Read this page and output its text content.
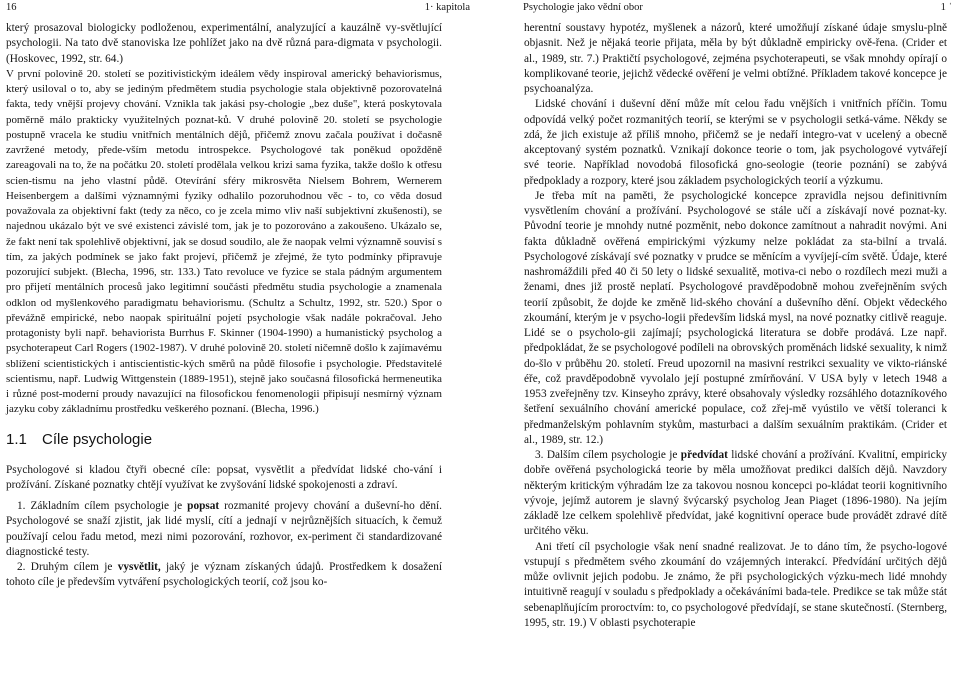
16	1· kapitola

který prosazoval biologicky podloženou, experimentální, analyzující a kauzálně vy-světlující psychologii. Na tato dvě stanoviska lze pohlížet jako na dvě různá para-digmata v psychologii. (Hoskovec, 1992, str. 64.)

V první polovině 20. století se pozitivistickým ideálem vědy inspiroval americký behaviorismus, který usiloval o to, aby se jediným předmětem studia psychologie stala objektivně pozorovatelná fakta, tedy vnější projevy chování. Vznikla tak jakási psy-chologie „bez duše", která poskytovala poměrně málo prakticky využitelných poznat-ků. V druhé polovině 20. století se psychologie postupně vracela ke studiu vnitřních mentálních dějů, přičemž znovu začala používat i dočasně zavržené metody, přede-vším metodu introspekce. Psychologové tak poněkud opožděně zareagovali na to, že na počátku 20. století prodělala velkou krizi sama fyzika, takže došlo k otřesu scien-tismu na jeho vlastní půdě. Otevírání sféry mikrosvěta Nielsem Bohrem, Wernerem Heisenbergem a dalšími významnými fyziky odhalilo pozoruhodnou věc - to, co věda dosud považovala za objektivní fakt (tedy za něco, co je zcela mimo vliv naší subjektivní zkušenosti), se najednou ukázalo být ve své existenci závislé tom, jak je to pozorováno a zakoušeno. Ukázalo se, že fakt není tak spolehlivě objektivní, jak se dosud soudilo, ale že naopak velmi významně souvisí s tím, za jakých podmínek se jako fakt projeví, přičemž je zřejmé, že tyto podmínky připravuje pozorující subjekt. (Blecha, 1996, str. 133.) Tato revoluce ve fyzice se stala pádným argumentem pro přijetí mentálních procesů jako legitimní součásti předmětu studia psychologie a znamenala odklon od myšlenkového paradigmatu behaviorismu. (Schultz a Schultz, 1992, str. 520.) Spor o převážně empirické, nebo naopak spirituální pojetí psychologie však nadále pokračoval. Jeho protagonisty byli např. behaviorista Burrhus F. Skinner (1904-1990) a humanistický psycholog a psychoterapeut Carl Rogers (1902-1987). V druhé polovině 20. století ničemně došlo k zajímavému sblížení scientistických i antiscientistic-kých směrů na půdě filosofie i psychologie. Představitelé scientismu, např. Ludwig Wittgenstein (1889-1951), stejně jako současná filosofická hermeneutika i různé post-moderní proudy navazující na filosofickou fenomenologii připisují nesmírný význam jazyku coby základnímu prostředku veškerého poznaní. (Blecha, 1996.)

1.1 Cíle psychologie

Psychologové si kladou čtyři obecné cíle: popsat, vysvětlit a předvídat lidské cho-vání i prožívání. Získané poznatky chtějí využívat ke zvyšování lidské spokojenosti a zdraví.

1. Základním cílem psychologie je popsat rozmanité projevy chování a duševní-ho dění. Psychologové se snaží zjistit, jak lidé myslí, cítí a jednají v nejrůznějších situacích, k čemuž používají celou řadu metod, mezi nimi pozorování, rozhovor, ex-periment či standardizované diagnostické testy.

2. Druhým cílem je vysvětlit, jaký je význam získaných údajů. Prostředkem k dosažení tohoto cíle je především vytváření psychologických teorií, což jsou ko-

Psychologie jako vědní obor	1 ˈ

herentní soustavy hypotéz, myšlenek a názorů, které umožňují získané údaje smyslu-plně objasnit. Než je nějaká teorie přijata, měla by být důkladně empiricky ově-řena. (Crider et al., 1989, str. 7.) Praktičtí psychologové, zejména psychoterapeuti, se však mnohdy opírají o komplikované teorie, jejichž vědecké ověření je velmi obtížné. Příkladem takové koncepce je psychoanalýza.

Lidské chování i duševní dění může mít celou řadu vnějších i vnitřních příčin. Tomu odpovídá velký počet rozmanitých teorií, se kterými se v psychologii setká-váme. Někdy se zdá, že jich existuje až příliš mnoho, přičemž se je nedaří integro-vat v ucelený a obecně akceptovaný systém poznatků. Vznikají dokonce teorie o tom, jak psychologové vytvářejí své teorie. Například novodobá filosofická gno-seologie (teorie poznání) se zabývá předpoklady a rozpory, které jsou základem psychologických teorií a výzkumu.

Je třeba mít na paměti, že psychologické koncepce zpravidla nejsou definitivním vysvětlením chování a prožívání. Psychologové se stále učí a získávají nové poznat-ky. Původní teorie je mnohdy nutné pozměnit, nebo dokonce zamítnout a nahradit novými. Ani fakta důkladně ověřená empirickými výzkumy nelze pokládat za sta-bilní a trvalá. Psychologové získávají své poznatky v prudce se měnícím a vyvíjejí-cím světě. Údaje, které nashromáždili před 40 či 50 lety o lidské sexualitě, motiva-ci nebo o rozdílech mezi muži a ženami, dnes již prostě neplatí. Psychologové pravděpodobně mohou zveřejněním svých teorií způsobit, že dojde ke změně lid-ského chování a duševního dění. Objekt vědeckého zkoumání, kterým je v psycho-logii především lidská mysl, na nové poznatky citlivě reaguje. Lidé se o psycholo-gii zajímají; psychologická literatura se dobře prodává. Lze např. předpokládat, že se psychologové podíleli na obrovských proměnách lidské sexuality, k nimž do-šlo v průběhu 20. století. Freud upozornil na masivní restrikci sexuality ve vikto-riánské éře, což pravděpodobně vyvolalo její postupné zmírňování. V USA byly v letech 1948 a 1953 zveřejněny tzv. Kinseyho zprávy, které obsahovaly výsledky rozsáhlého dotazníkového šetření sexuálního chování americké populace, což zřej-mě vyústilo ve větší toleranci k předmanželským pohlavním stykům, masturbaci a dalším sexuálním praktikám. (Crider et al., 1989, str. 12.)

3. Dalším cílem psychologie je předvídat lidské chování a prožívání. Kvalitní, empiricky dobře ověřená psychologická teorie by měla umožňovat predikci dalších dějů. Navzdory některým kritickým výhradám lze za takovou nosnou koncepci po-kládat teorii kognitivního vývoje, jejímž autorem je slavný švýcarský psycholog Jean Piaget (1896-1980). Na jejím základě lze celkem spolehlivě předvídat, jaké kognitivní operace bude provádět zdravé dítě určitého věku.

Ani třetí cíl psychologie však není snadné realizovat. Je to dáno tím, že psycho-logové vstupují s předmětem svého zkoumání do vzájemných interakcí. Předvídání určitých dějů může ovlivnit jejich podobu. Je známo, že při psychologických výzku-mech lidé mnohdy intuitivně reagují v souladu s předpoklady a očekáváními bada-tele. Predikce se tak může stát sebenaplňujícím proroctvím: to, co psychologové předvídají, se stane skutečností. (Sternberg, 1995, str. 19.) V oblasti psychoterapie
